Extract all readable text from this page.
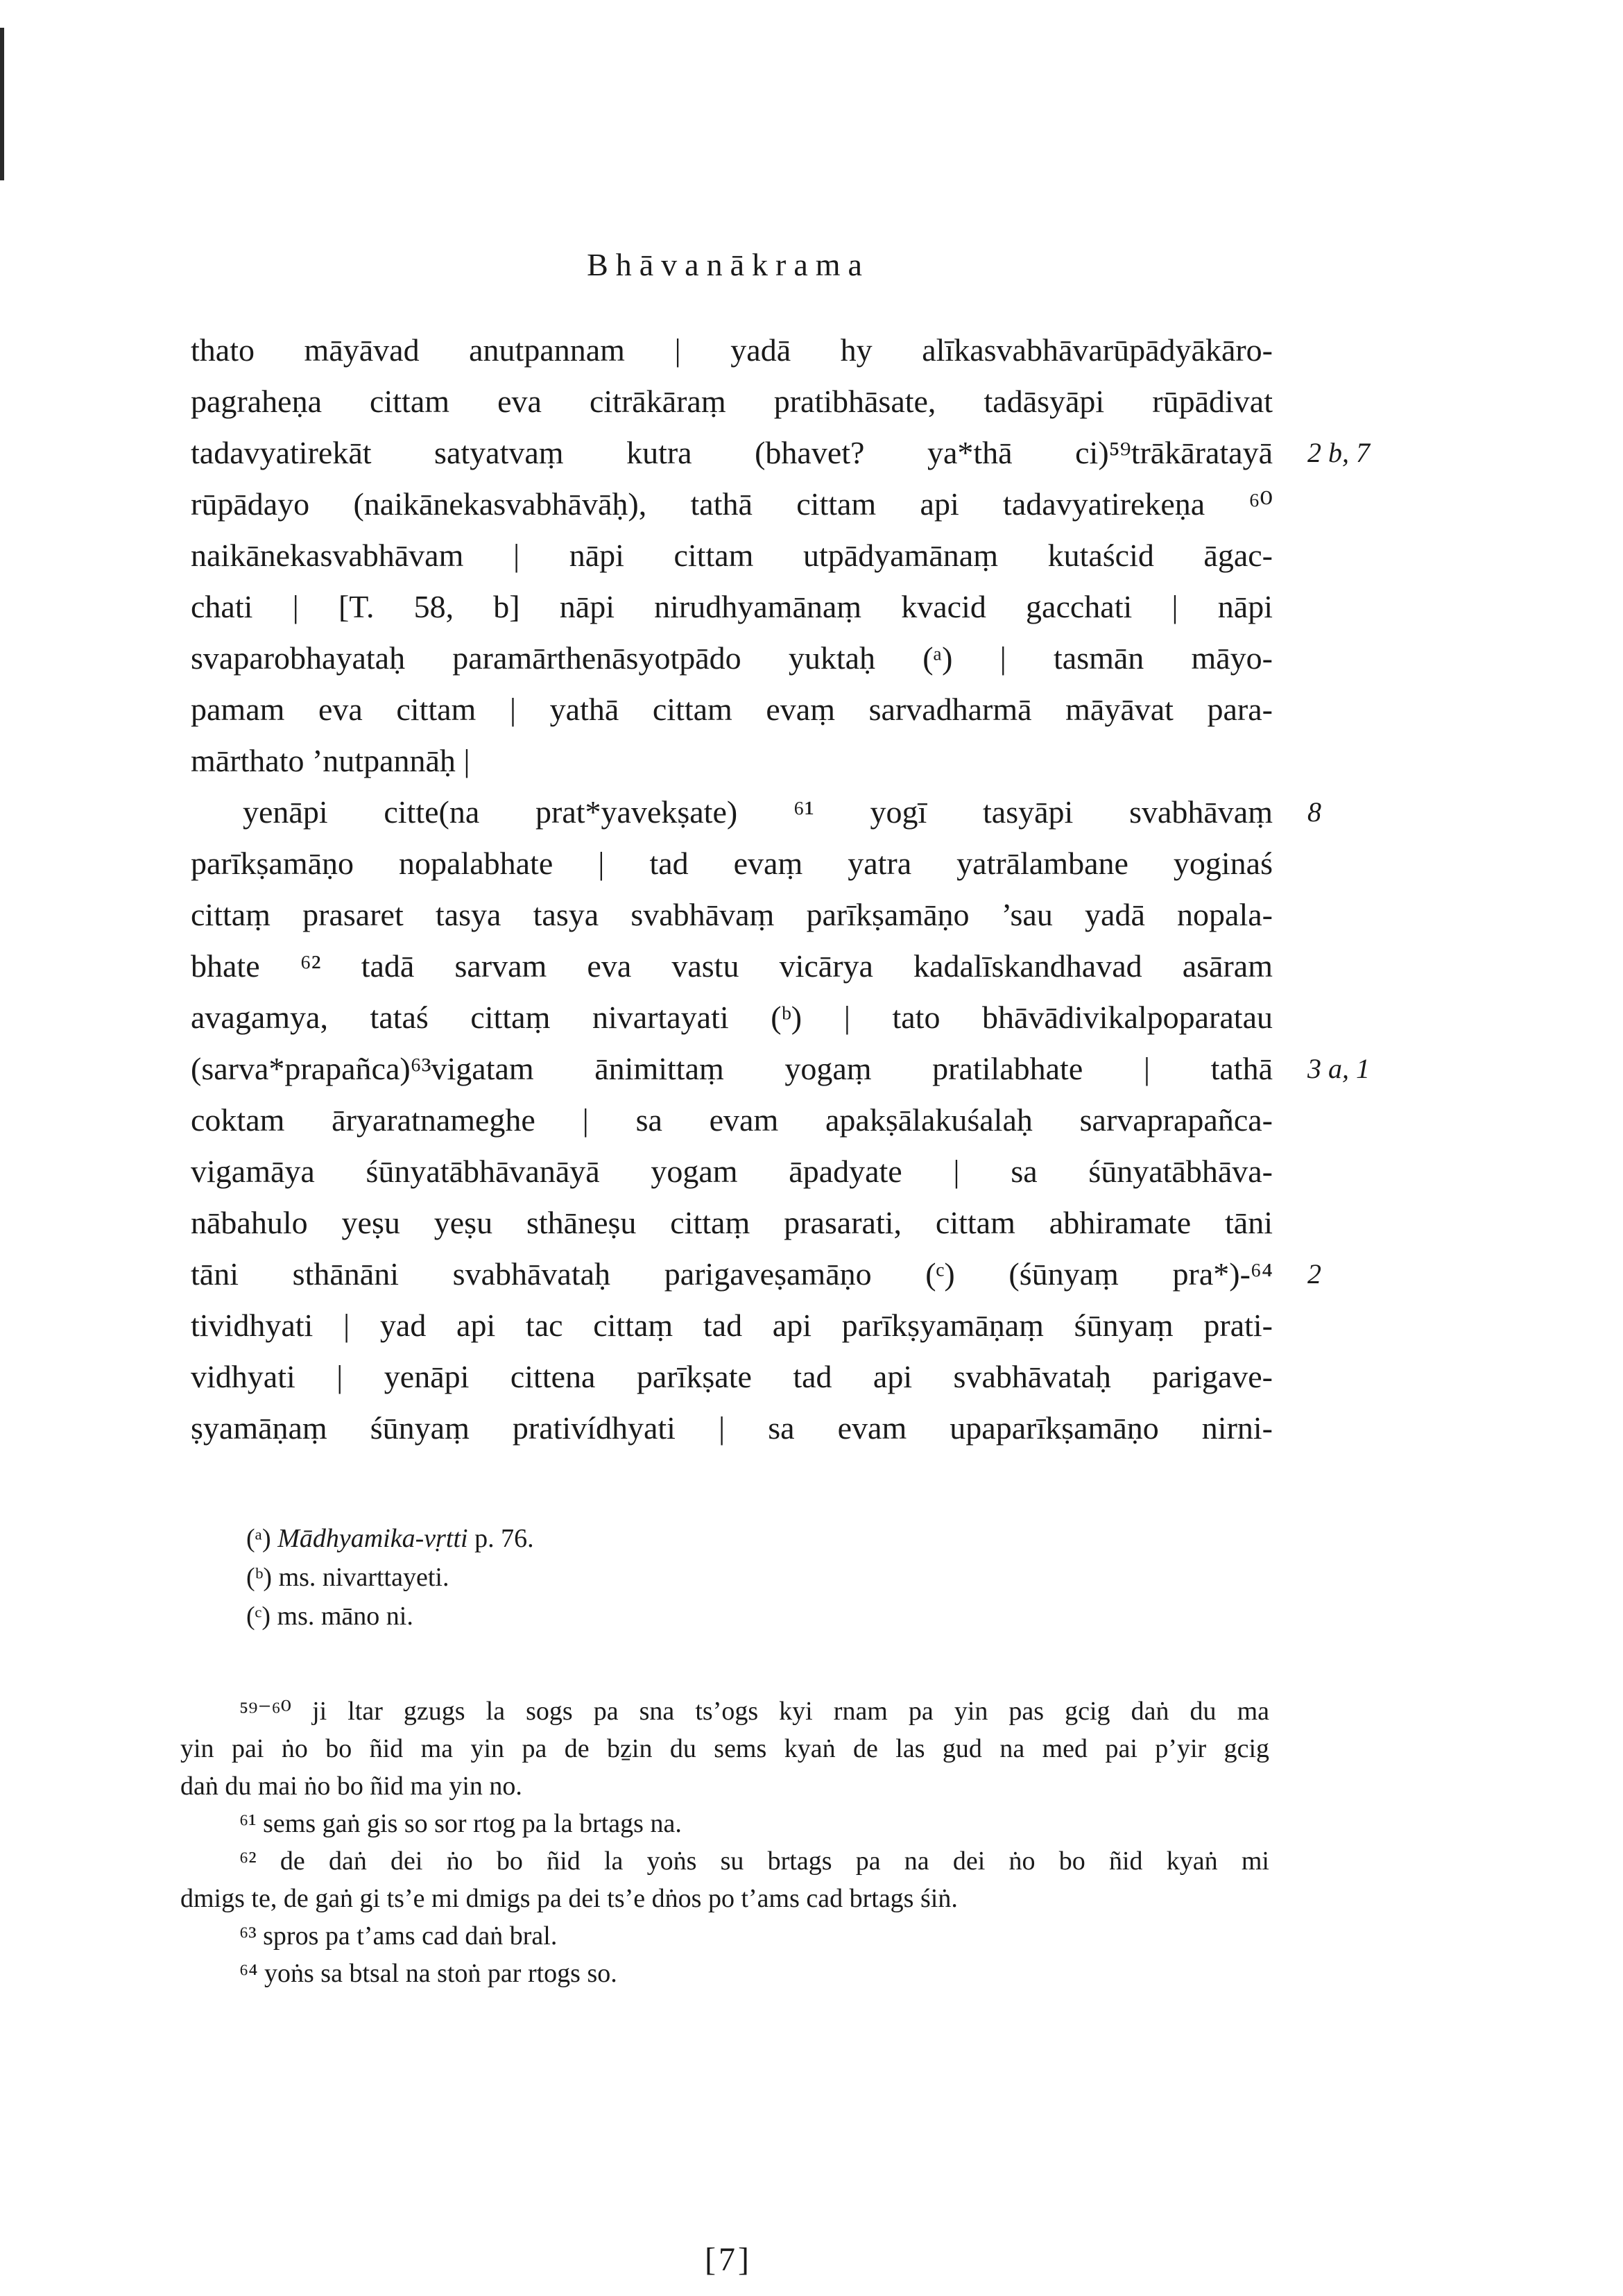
Bhāvanākrama
thato māyāvad anutpannam | yadā hy alīkasvabhāvarūpādyākāro-
pagraheṇa cittam eva citrākāraṃ pratibhāsate, tadāsyāpi rūpādivat
tadavyatirekāt satyatvaṃ kutra (bhavet? ya*thā ci)⁵⁹trākāratayā 2 b, 7
rūpādayo (naikānekasvabhāvāḥ), tathā cittam api tadavyatirekeṇa ⁶⁰
naikānekasvabhāvam | nāpi cittam utpādyamānaṃ kutaścid āgac-
chati | [T. 58, b] nāpi nirudhyamānaṃ kvacid gacchati | nāpi
svaparobhayataḥ paramārthenāsyotpādo yuktaḥ (ᵃ) | tasmān māyo-
pamam eva cittam | yathā cittam evaṃ sarvadharmā māyāvat para-
mārthato ’nutpannāḥ |
yenāpi citte(na prat*yavekṣate) ⁶¹ yogī tasyāpi svabhāvaṃ 8
parīkṣamāṇo nopalabhate | tad evaṃ yatra yatrālambane yoginaś
cittaṃ prasaret tasya tasya svabhāvaṃ parīkṣamāṇo ’sau yadā nopala-
bhate ⁶² tadā sarvam eva vastu vicārya kadalīskandhavad asāram
avagamya, tataś cittaṃ nivartayati (ᵇ) | tato bhāvādivikalpoparatau
(sarva*prapañca)⁶³vigatam ānimittaṃ yogaṃ pratilabhate | tathā 3 a, 1
coktam āryaratnameghe | sa evam apakṣālakuśalaḥ sarvaprapañca-
vigamāya śūnyatābhāvanāyā yogam āpadyate | sa śūnyatābhāva-
nābahulo yeṣu yeṣu sthāneṣu cittaṃ prasarati, cittam abhiramate tāni
tāni sthānāni svabhāvataḥ parigaveṣamāṇo (ᶜ) (śūnyaṃ pra*)-⁶⁴ 2
tividhyati | yad api tac cittaṃ tad api parīkṣyamāṇaṃ śūnyaṃ prati-
vidhyati | yenāpi cittena parīkṣate tad api svabhāvataḥ parigave-
ṣyamāṇaṃ śūnyaṃ prativídhyati | sa evam upaparīkṣamāṇo nirni-
(ᵃ) Mādhyamika-vṛtti p. 76.
(ᵇ) ms. nivarttayeti.
(ᶜ) ms. māno ni.
⁵⁹⁻⁶⁰ ji ltar gzugs la sogs pa sna ts’ogs kyi rnam pa yin pas gcig daṅ du ma
yin pai ṅo bo ñid ma yin pa de bẕin du sems kyaṅ de las gud na med pai p’yir gcig
daṅ du mai ṅo bo ñid ma yin no.
⁶¹ sems gaṅ gis so sor rtog pa la brtags na.
⁶² de daṅ dei ṅo bo ñid la yoṅs su brtags pa na dei ṅo bo ñid kyaṅ mi
dmigs te, de gaṅ gi ts’e mi dmigs pa dei ts’e dṅos po t’ams cad brtags śiṅ.
⁶³ spros pa t’ams cad daṅ bral.
⁶⁴ yoṅs sa btsal na stoṅ par rtogs so.
[7]
